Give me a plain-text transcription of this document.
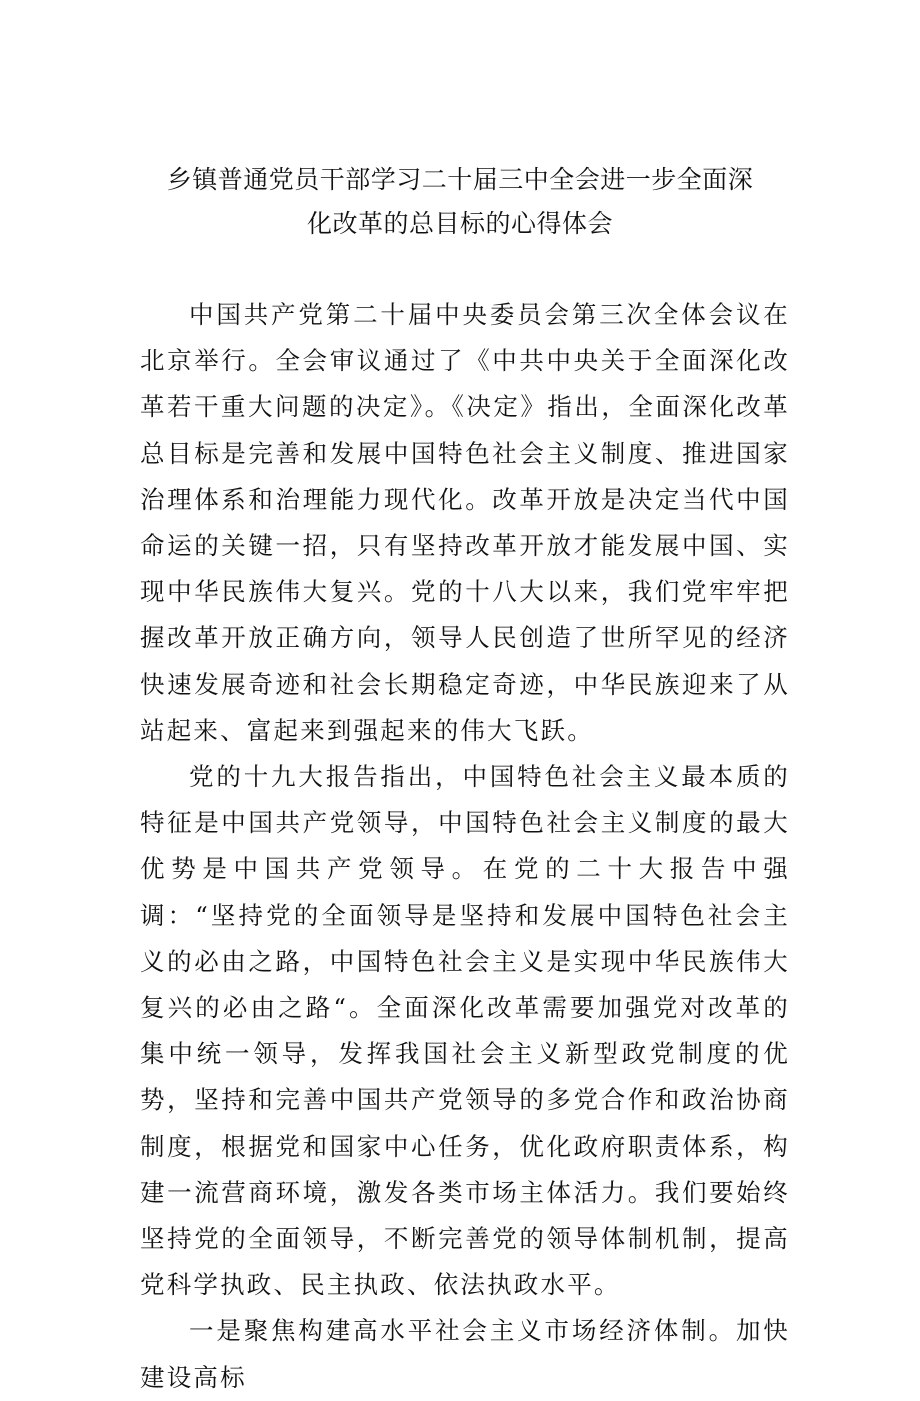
乡镇普通党员干部学习二十届三中全会进一步全面深
化改革的总目标的心得体会

中国共产党第二十届中央委员会第三次全体会议在北京举行。全会审议通过了《中共中央关于全面深化改革若干重大问题的决定》。《决定》指出，全面深化改革总目标是完善和发展中国特色社会主义制度、推进国家治理体系和治理能力现代化。改革开放是决定当代中国命运的关键一招，只有坚持改革开放才能发展中国、实现中华民族伟大复兴。党的十八大以来，我们党牢牢把握改革开放正确方向，领导人民创造了世所罕见的经济快速发展奇迹和社会长期稳定奇迹，中华民族迎来了从站起来、富起来到强起来的伟大飞跃。

党的十九大报告指出，中国特色社会主义最本质的特征是中国共产党领导，中国特色社会主义制度的最大优势是中国共产党领导。在党的二十大报告中强调：“坚持党的全面领导是坚持和发展中国特色社会主义的必由之路，中国特色社会主义是实现中华民族伟大复兴的必由之路“。全面深化改革需要加强党对改革的集中统一领导，发挥我国社会主义新型政党制度的优势，坚持和完善中国共产党领导的多党合作和政治协商制度，根据党和国家中心任务，优化政府职责体系，构建一流营商环境，激发各类市场主体活力。我们要始终坚持党的全面领导，不断完善党的领导体制机制，提高党科学执政、民主执政、依法执政水平。

一是聚焦构建高水平社会主义市场经济体制。加快建设高标
